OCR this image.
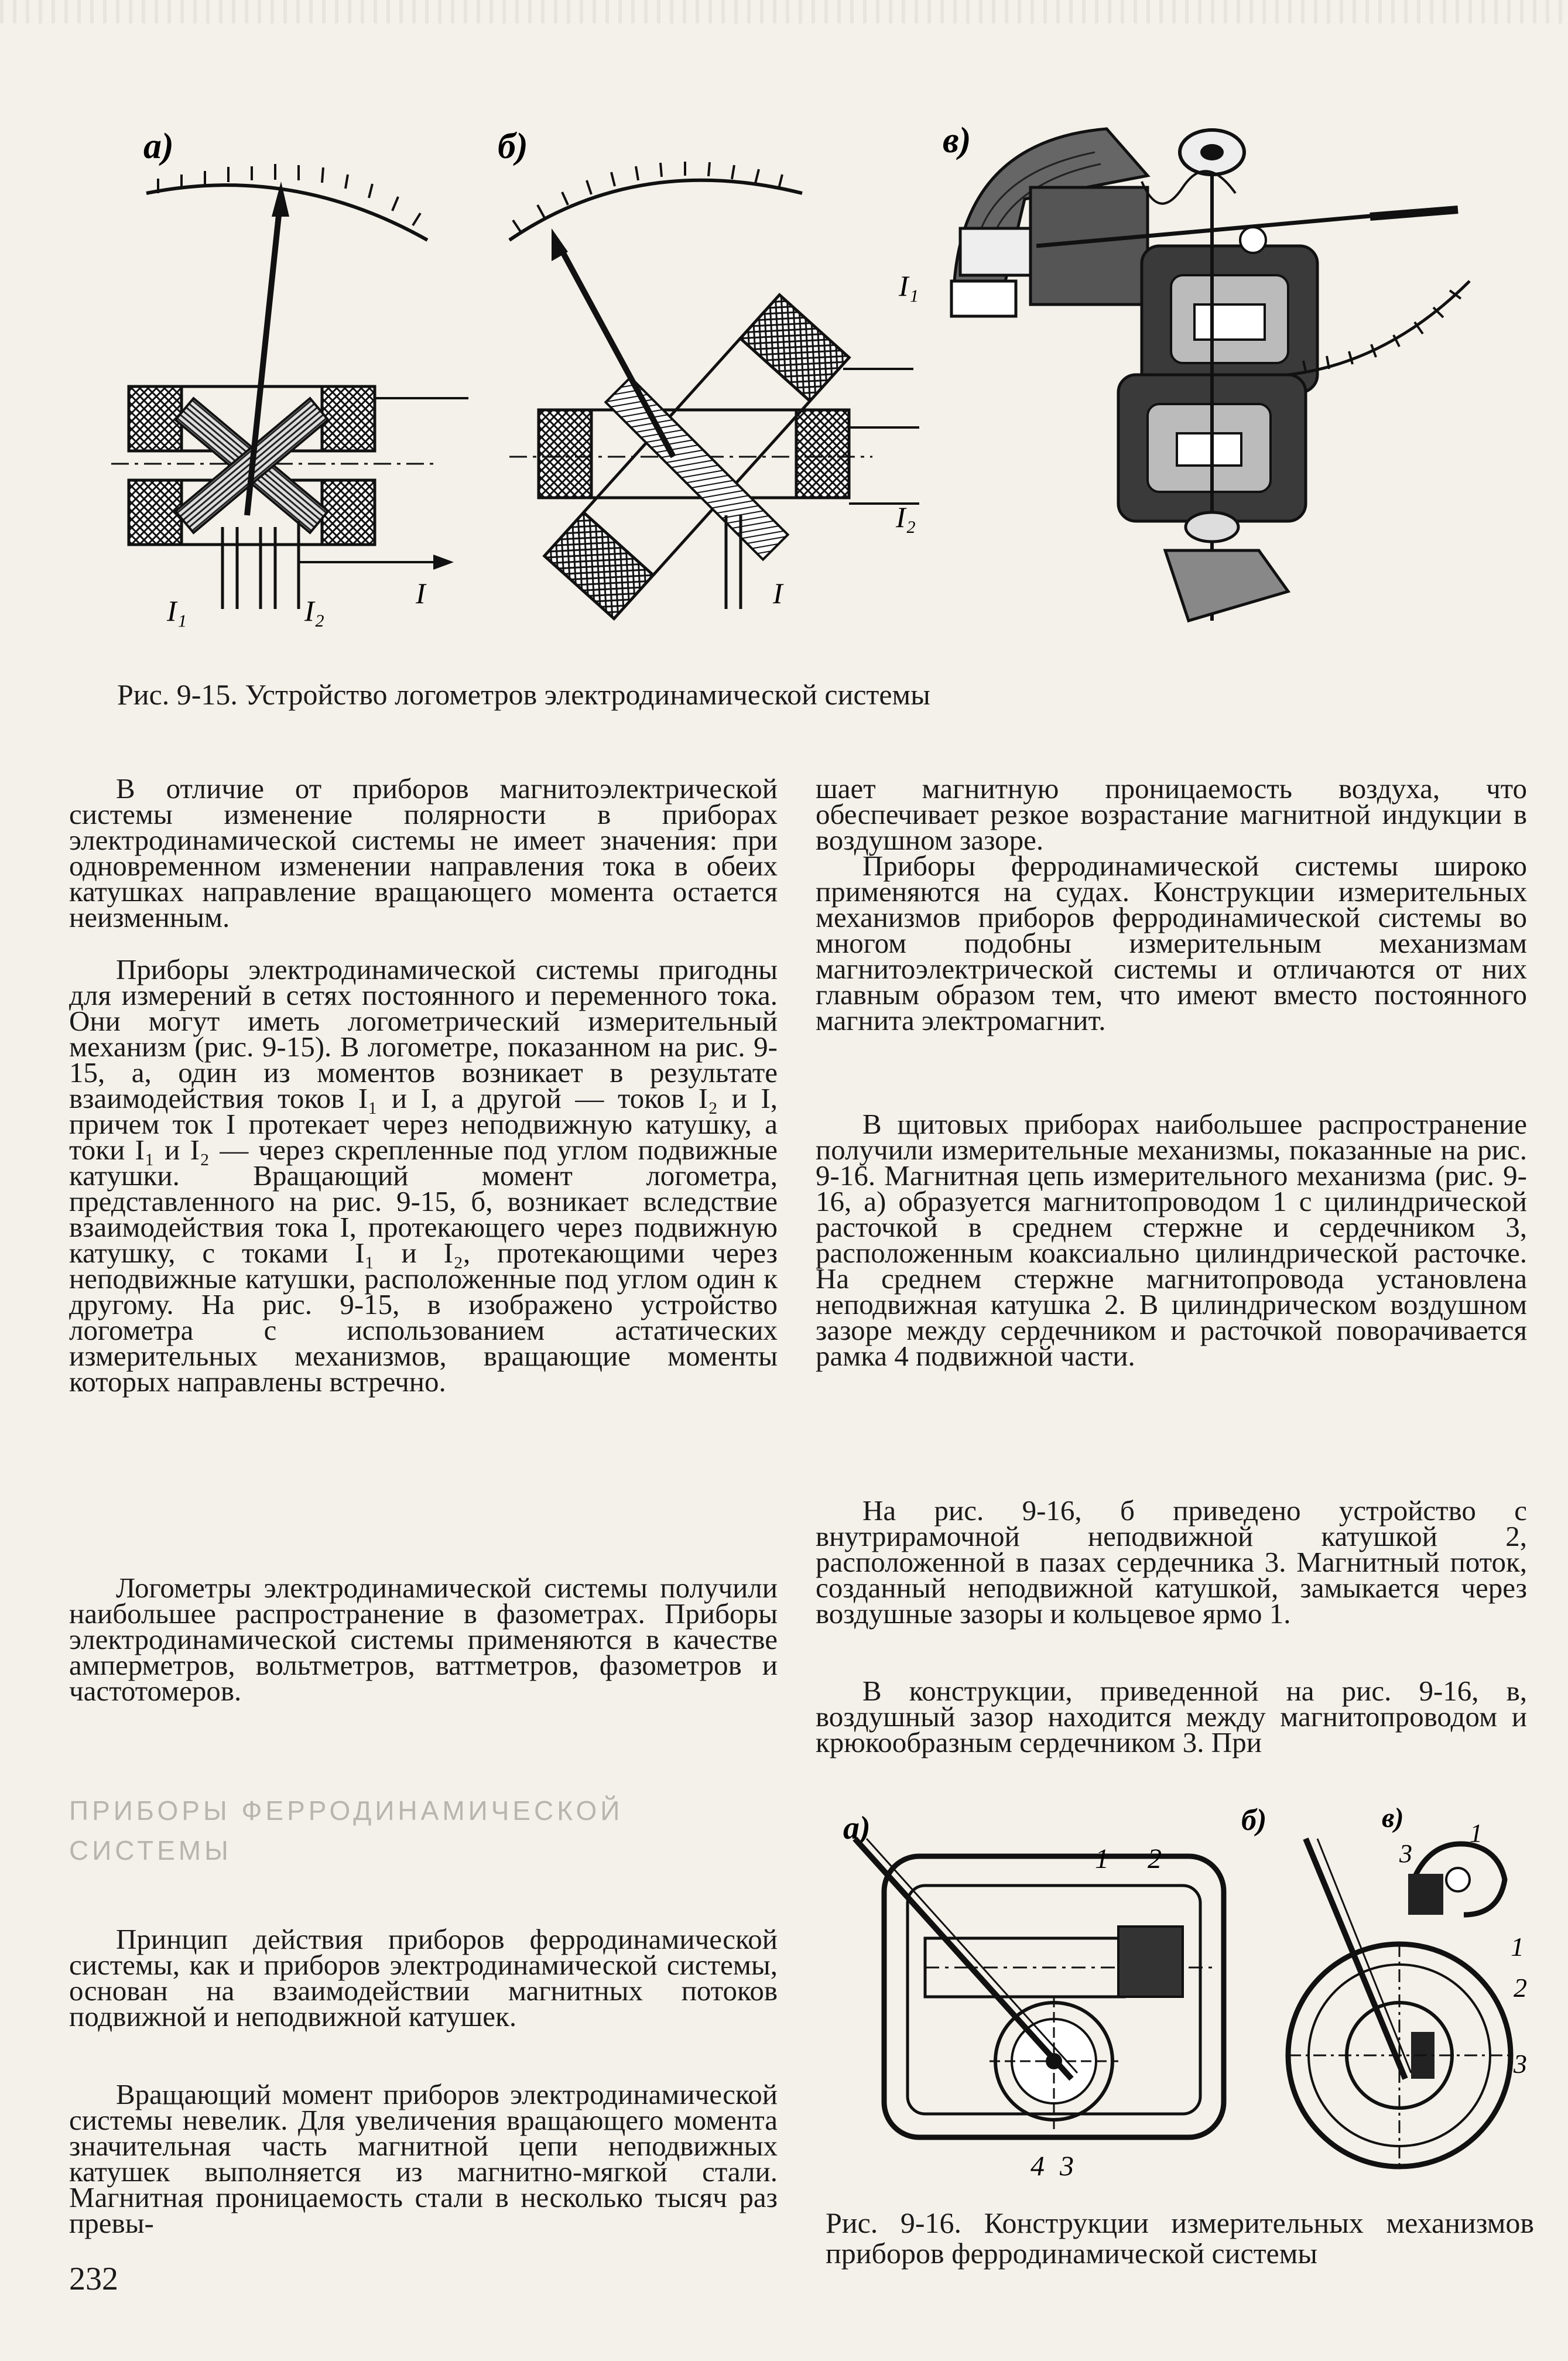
а)
I₁	I₂
I
б)
I
в)
I₁
I₂
Рис. 9-15. Устройство логометров электродинамической системы

В отличие от приборов магнитоэлектрической системы изменение полярности в приборах электродинамической системы не имеет значения: при одновременном изменении направления тока в обеих катушках направление вращающего момента остается неизменным.

Приборы электродинамической системы пригодны для измерений в сетях постоянного и переменного тока. Они могут иметь логометрический измерительный механизм (рис. 9-15). В логометре, показанном на рис. 9-15, а, один из моментов возникает в результате взаимодействия токов I₁ и I, а другой — токов I₂ и I, причем ток I протекает через неподвижную катушку, а токи I₁ и I₂ — через скрепленные под углом подвижные катушки. Вращающий момент логометра, представленного на рис. 9-15, б, возникает вследствие взаимодействия тока I, протекающего через подвижную катушку, с токами I₁ и I₂, протекающими через неподвижные катушки, расположенные под углом один к другому. На рис. 9-15, в изображено устройство логометра с использованием астатических измерительных механизмов, вращающие моменты которых направлены встречно.

Логометры электродинамической системы получили наибольшее распространение в фазометрах. Приборы электродинамической системы применяются в качестве амперметров, вольтметров, ваттметров, фазометров и частотомеров.

ПРИБОРЫ ФЕРРОДИНАМИЧЕСКОЙ
СИСТЕМЫ

Принцип действия приборов ферродинамической системы, как и приборов электродинамической системы, основан на взаимодействии магнитных потоков подвижной и неподвижной катушек.

Вращающий момент приборов электродинамической системы невелик. Для увеличения вращающего момента значительная часть магнитной цепи неподвижных катушек выполняется из магнитно-мягкой стали. Магнитная проницаемость стали в несколько тысяч раз превы-

232

шает магнитную проницаемость воздуха, что обеспечивает резкое возрастание магнитной индукции в воздушном зазоре.

Приборы ферродинамической системы широко применяются на судах. Конструкции измерительных механизмов приборов ферродинамической системы во многом подобны измерительным механизмам магнитоэлектрической системы и отличаются от них главным образом тем, что имеют вместо постоянного магнита электромагнит.

В щитовых приборах наибольшее распространение получили измерительные механизмы, показанные на рис. 9-16. Магнитная цепь измерительного механизма (рис. 9-16, а) образуется магнитопроводом 1 с цилиндрической расточкой в среднем стержне и сердечником 3, расположенным коаксиально цилиндрической расточке. На среднем стержне магнитопровода установлена неподвижная катушка 2. В цилиндрическом воздушном зазоре между сердечником и расточкой поворачивается рамка 4 подвижной части.

На рис. 9-16, б приведено устройство с внутрирамочной неподвижной катушкой 2, расположенной в пазах сердечника 3. Магнитный поток, созданный неподвижной катушкой, замыкается через воздушные зазоры и кольцевое ярмо 1.

В конструкции, приведенной на рис. 9-16, в, воздушный зазор находится между магнитопроводом и крюкообразным сердечником 3. При

а)
1 2
4 3
б)	в)
3
1
1
2
3
Рис. 9-16. Конструкции измерительных механизмов приборов ферродинамической системы
